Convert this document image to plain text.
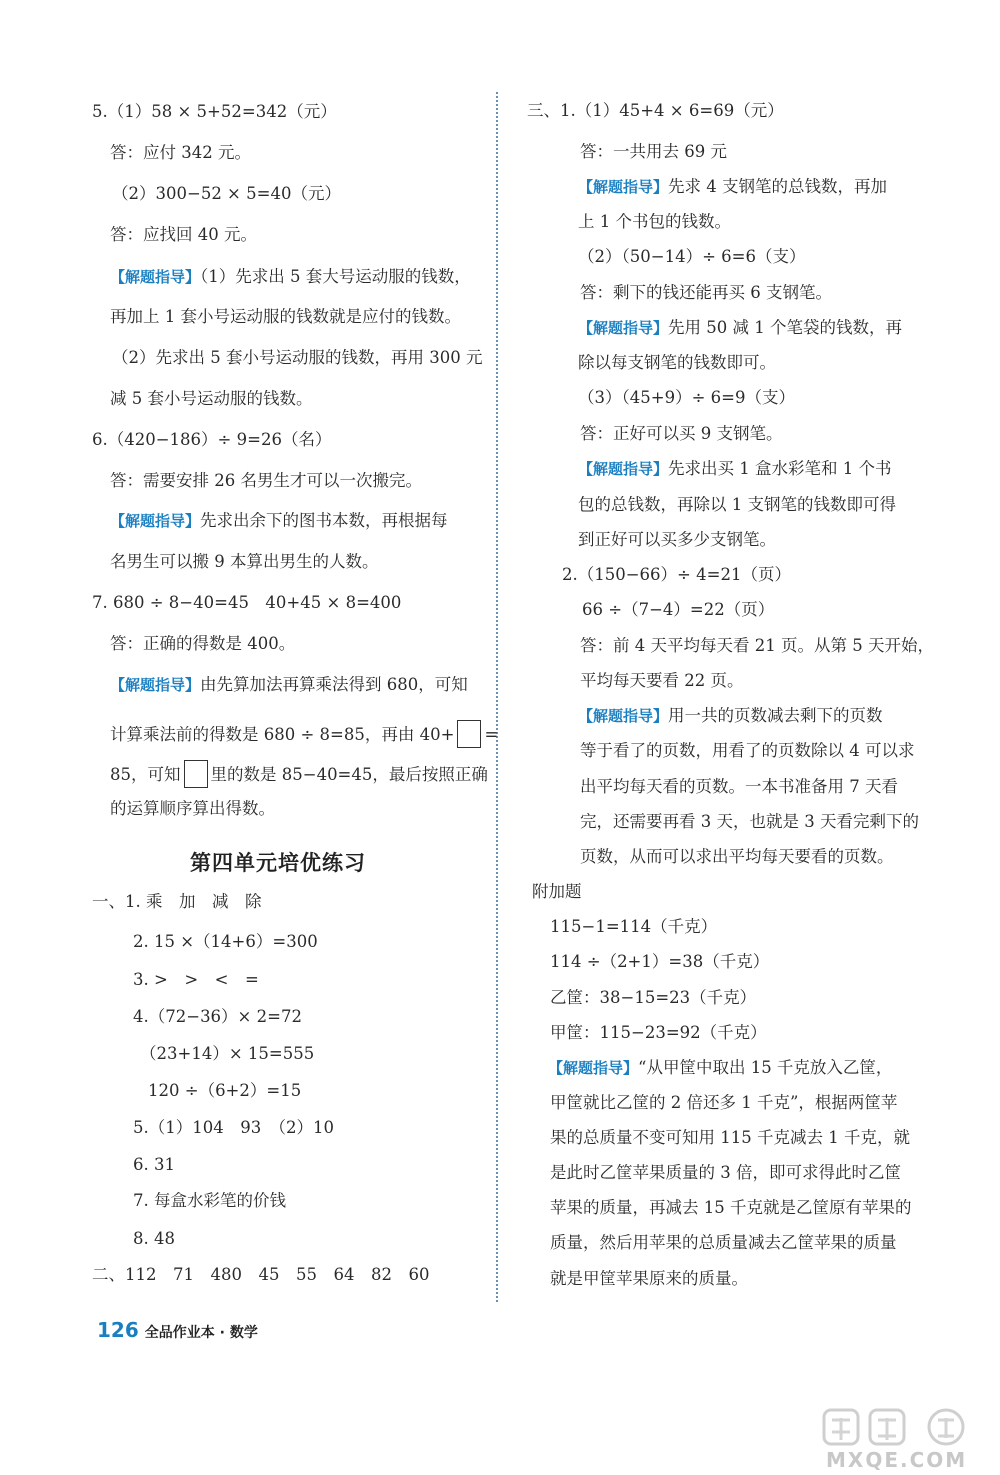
5.（1）58 × 5+52=342（元）
答：应付 342 元。
（2）300−52 × 5=40（元）
答：应找回 40 元。
【解题指导】（1）先求出 5 套大号运动服的钱数，
再加上 1 套小号运动服的钱数就是应付的钱数。
（2）先求出 5 套小号运动服的钱数，再用 300 元
减 5 套小号运动服的钱数。
6.（420−186）÷ 9=26（名）
答：需要安排 26 名男生才可以一次搬完。
【解题指导】先求出余下的图书本数，再根据每
名男生可以搬 9 本算出男生的人数。
7. 680 ÷ 8−40=45　40+45 × 8=400
答：正确的得数是 400。
【解题指导】由先算加法再算乘法得到 680，可知
计算乘法前的得数是 680 ÷ 8=85，再由 40+ =
85，可知 里的数是 85−40=45，最后按照正确
的运算顺序算出得数。
一、1. 乘　加　减　除
2. 15 ×（14+6）=300
3. >　>　<　=
4.（72−36）× 2=72
（23+14）× 15=555
120 ÷（6+2）=15
5.（1）104　93　（2）10
6. 31
7. 每盒水彩笔的价钱
8. 48
二、112　71　480　45　55　64　82　60
第四单元培优练习
三、1.（1）45+4 × 6=69（元）
答：一共用去 69 元
【解题指导】先求 4 支钢笔的总钱数，再加
上 1 个书包的钱数。
（2）（50−14）÷ 6=6（支）
答：剩下的钱还能再买 6 支钢笔。
【解题指导】先用 50 减 1 个笔袋的钱数，再
除以每支钢笔的钱数即可。
（3）（45+9）÷ 6=9（支）
答：正好可以买 9 支钢笔。
【解题指导】先求出买 1 盒水彩笔和 1 个书
包的总钱数，再除以 1 支钢笔的钱数即可得
到正好可以买多少支钢笔。
2.（150−66）÷ 4=21（页）
66 ÷（7−4）=22（页）
答：前 4 天平均每天看 21 页。从第 5 天开始，
平均每天要看 22 页。
【解题指导】用一共的页数减去剩下的页数
等于看了的页数，用看了的页数除以 4 可以求
出平均每天看的页数。一本书准备用 7 天看
完，还需要再看 3 天，也就是 3 天看完剩下的
页数，从而可以求出平均每天要看的页数。
附加题
115−1=114（千克）
114 ÷（2+1）=38（千克）
乙筐：38−15=23（千克）
甲筐：115−23=92（千克）
【解题指导】“从甲筐中取出 15 千克放入乙筐，
甲筐就比乙筐的 2 倍还多 1 千克”，根据两筐苹
果的总质量不变可知用 115 千克减去 1 千克，就
是此时乙筐苹果质量的 3 倍，即可求得此时乙筐
苹果的质量，再减去 15 千克就是乙筐原有苹果的
质量，然后用苹果的总质量减去乙筐苹果的质量
就是甲筐苹果原来的质量。
126 全品作业本 · 数学
MXQE.COM
